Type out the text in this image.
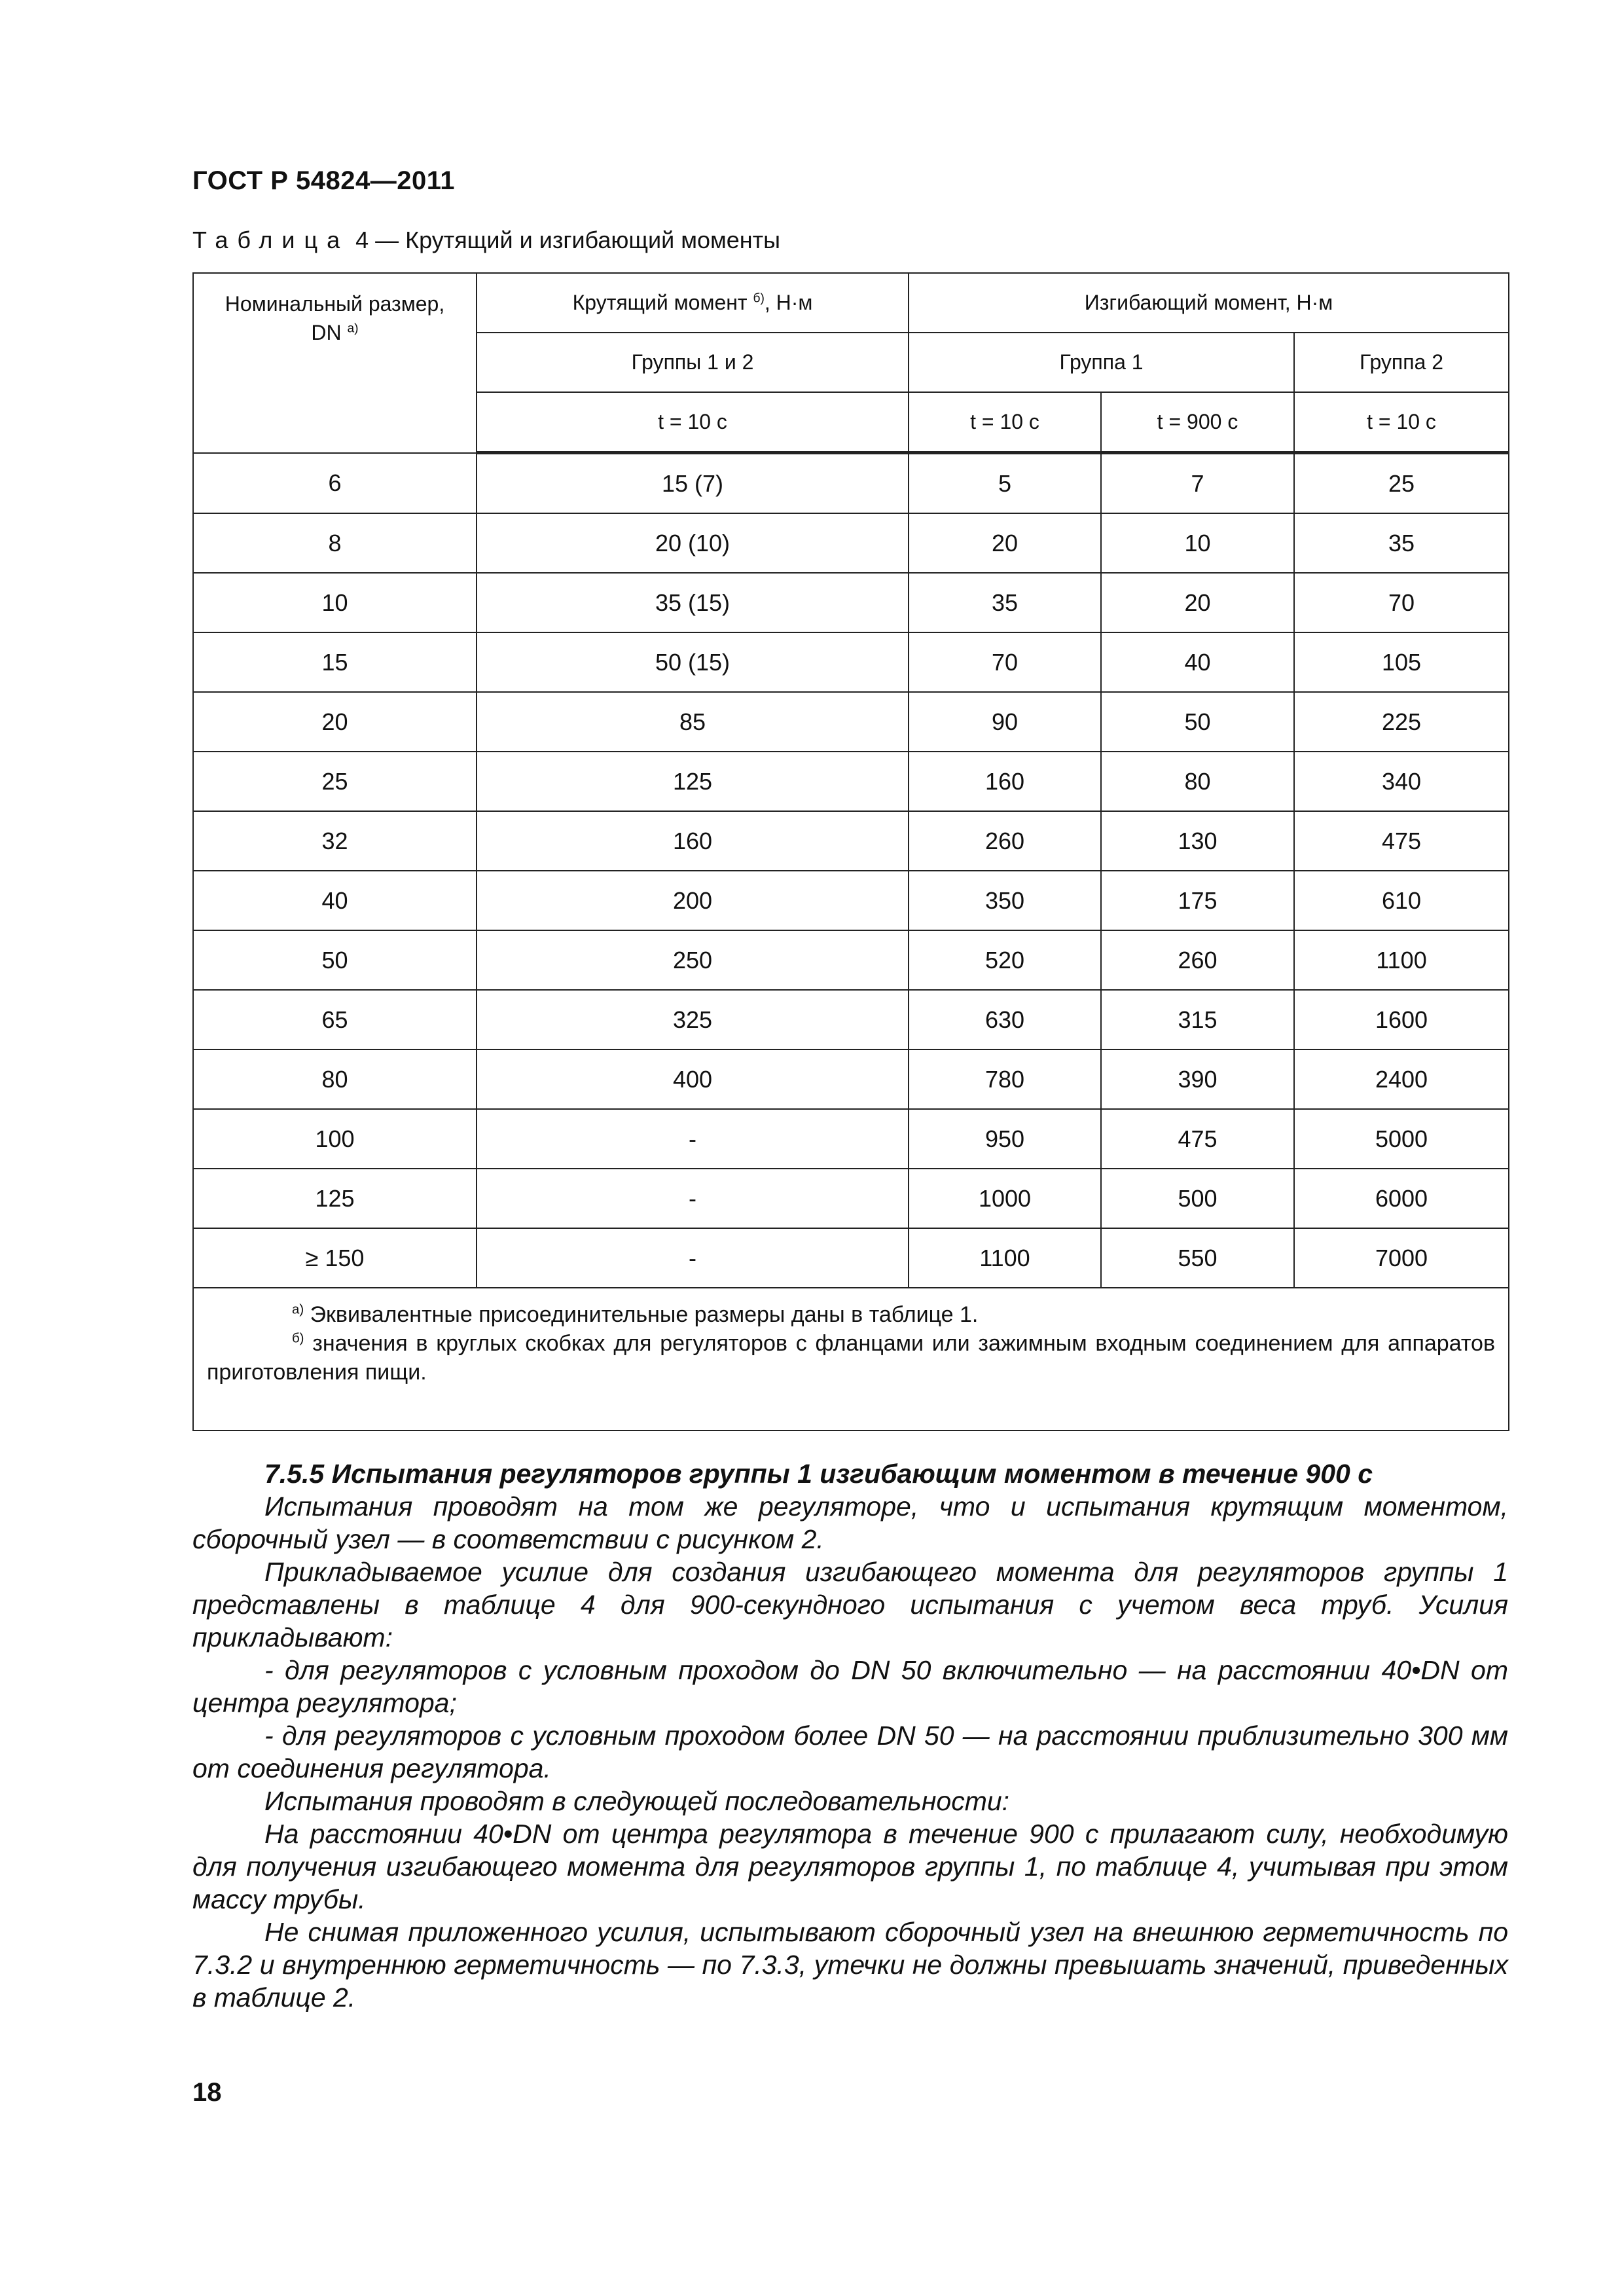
ГОСТ Р 54824—2011
Таблица 4 — Крутящий и изгибающий моменты
Номинальный размер,
DN $^{а)}$	Крутящий момент $^{б)}$, Н·м	Изгибающий момент, Н·м		
	Группы 1 и 2	Группа 1		Группа 2
	t = 10 с	t = 10 с	t = 900 с	t = 10 с
6	15 (7)	5	7	25
8	20 (10)	20	10	35
10	35 (15)	35	20	70
15	50 (15)	70	40	105
20	85	90	50	225
25	125	160	80	340
32	160	260	130	475
40	200	350	175	610
50	250	520	260	1100
65	325	630	315	1600
80	400	780	390	2400
100	-	950	475	5000
125	-	1000	500	6000
≥ 150	-	1100	550	7000

$^{а)}$ Эквивалентные присоединительные размеры даны в таблице 1.
$^{б)}$ значения в круглых скобках для регуляторов с фланцами или зажимным входным соединением для аппаратов приготовления пищи.				

7.5.5 Испытания регуляторов группы 1 изгибающим моментом в течение 900 с

Испытания проводят на том же регуляторе, что и испытания крутящим моментом, сборочный узел — в соответствии с рисунком 2.

Прикладываемое усилие для создания изгибающего момента для регуляторов группы 1 представлены в таблице 4 для 900-секундного испытания с учетом веса труб. Усилия прикладывают:

- для регуляторов с условным проходом до DN 50 включительно — на расстоянии 40•DN от центра регулятора;

- для регуляторов с условным проходом более DN 50 — на расстоянии приблизительно 300 мм от соединения регулятора.

Испытания проводят в следующей последовательности:

На расстоянии 40•DN от центра регулятора в течение 900 с прилагают силу, необходимую для получения изгибающего момента для регуляторов группы 1, по таблице 4, учитывая при этом массу трубы.

Не снимая приложенного усилия, испытывают сборочный узел на внешнюю герметичность по 7.3.2 и внутреннюю герметичность — по 7.3.3, утечки не должны превышать значений, приведенных в таблице 2.

18
